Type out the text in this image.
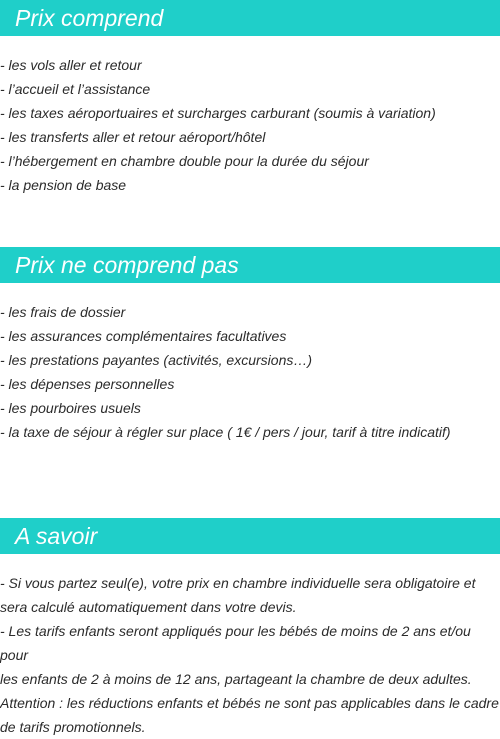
Prix comprend
- les vols aller et retour
- l’accueil et l’assistance
- les taxes aéroportuaires et surcharges carburant (soumis à variation)
- les transferts aller et retour aéroport/hôtel
- l’hébergement en chambre double pour la durée du séjour
- la pension de base
Prix ne comprend pas
- les frais de dossier
- les assurances complémentaires facultatives
- les prestations payantes (activités, excursions…)
- les dépenses personnelles
- les pourboires usuels
- la taxe de séjour à régler sur place ( 1€ / pers / jour, tarif à titre indicatif)
A savoir

- Si vous partez seul(e), votre prix en chambre individuelle sera obligatoire et

sera calculé automatiquement dans votre devis.

- Les tarifs enfants seront appliqués pour les bébés de moins de 2 ans et/ou pour

les enfants de 2 à moins de 12 ans, partageant la chambre de deux adultes.

Attention : les réductions enfants et bébés ne sont pas applicables dans le cadre

de tarifs promotionnels.
